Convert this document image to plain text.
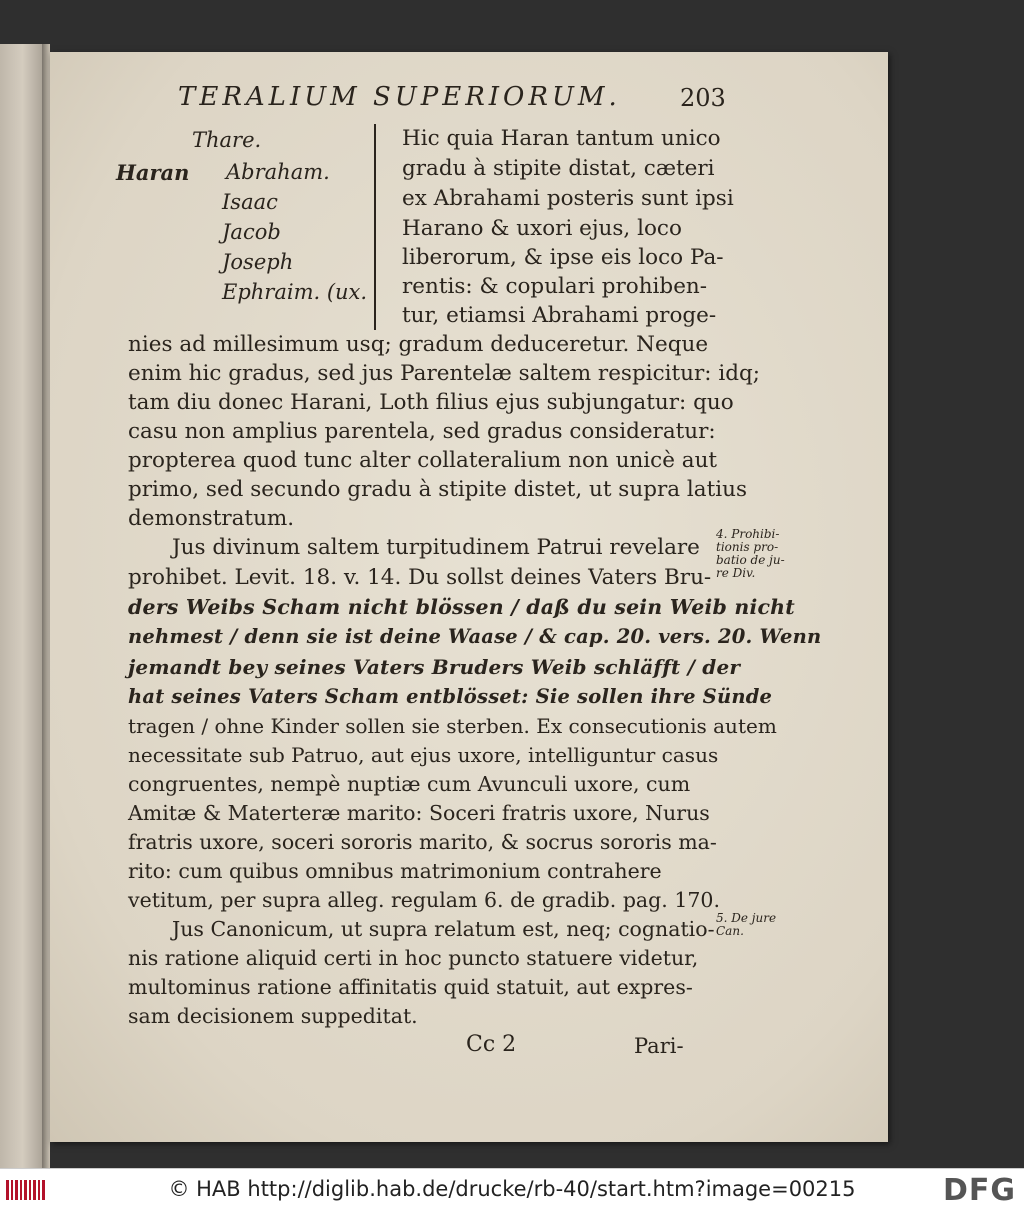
TERALIUM SUPERIORUM.	203
Thare.
Haran Abraham.
Isaac
Jacob
Joseph
Ephraim. (ux.
Hic quia Haran tantum unico
gradu à stipite distat, cæteri
ex Abrahami posteris sunt ipsi
Harano & uxori ejus, loco
liberorum, & ipse eis loco Pa-
rentis: & copulari prohiben-
tur, etiamsi Abrahami proge-
nies ad millesimum usq; gradum deduceretur. Neque
enim hic gradus, sed jus Parentelæ saltem respicitur: idq;
tam diu donec Harani, Loth filius ejus subjungatur: quo
casu non amplius parentela, sed gradus consideratur:
propterea quod tunc alter collateralium non unicè aut
primo, sed secundo gradu à stipite distet, ut supra latius
demonstratum.
Jus divinum saltem turpitudinem Patrui revelare
prohibet. Levit. 18. v. 14. Du sollst deines Vaters Bru-
ders Weibs Scham nicht blössen / daß du sein Weib nicht
nehmest / denn sie ist deine Waase / & cap. 20. vers. 20. Wenn
jemandt bey seines Vaters Bruders Weib schläfft / der
hat seines Vaters Scham entblösset: Sie sollen ihre Sünde
tragen / ohne Kinder sollen sie sterben. Ex consecutionis autem
necessitate sub Patruo, aut ejus uxore, intelliguntur casus
congruentes, nempè nuptiæ cum Avunculi uxore, cum
Amitæ & Materteræ marito: Soceri fratris uxore, Nurus
fratris uxore, soceri sororis marito, & socrus sororis ma-
rito: cum quibus omnibus matrimonium contrahere
vetitum, per supra alleg. regulam 6. de gradib. pag. 170.
Jus Canonicum, ut supra relatum est, neq; cognatio-
nis ratione aliquid certi in hoc puncto statuere videtur,
multominus ratione affinitatis quid statuit, aut expres-
sam decisionem suppeditat.
4. Prohibi-
tionis pro-
batio de ju-
re Div.
5. De jure
Can.
Cc 2	Pari-
© HAB http://diglib.hab.de/drucke/rb-40/start.htm?image=00215	DFG
